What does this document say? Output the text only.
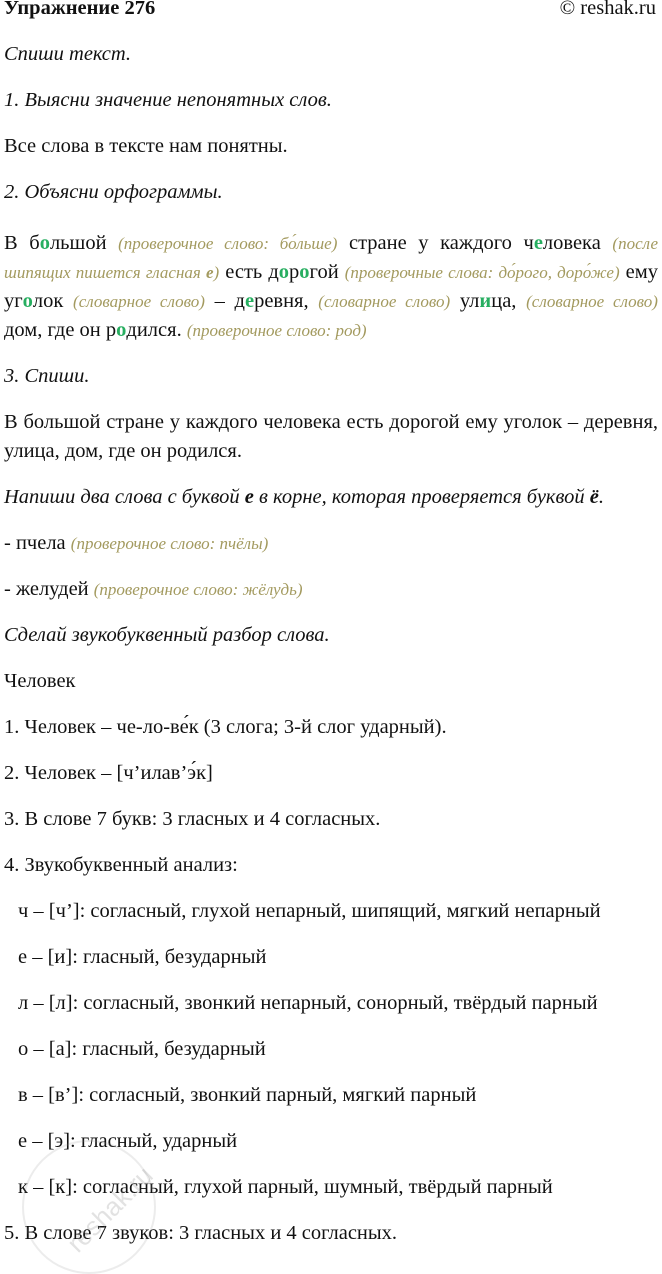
Упражнение 276	© reshak.ru

Спиши текст.

1. Выясни значение непонятных слов.

Все слова в тексте нам понятны.

2. Объясни орфограммы.

В большой (проверочное слово: бо́льше) стране у каждого человека (после шипящих пишется гласная е) есть дорогой (проверочные слова: до́рого, доро́же) ему уголок (словарное слово) – деревня, (словарное слово) улица, (словарное слово) дом, где он родился. (проверочное слово: род)

3. Спиши.

В большой стране у каждого человека есть дорогой ему уголок – деревня, улица, дом, где он родился.

Напиши два слова с буквой е в корне, которая проверяется буквой ё.

- пчела (проверочное слово: пчёлы)

- желудей (проверочное слово: жёлудь)

Сделай звукобуквенный разбор слова.

Человек

1. Человек – че-ло-ве́к (3 слога; 3-й слог ударный).

2. Человек – [ч’илав’э́к]

3. В слове 7 букв: 3 гласных и 4 согласных.

4. Звукобуквенный анализ:

ч – [ч’]: согласный, глухой непарный, шипящий, мягкий непарный

е – [и]: гласный, безударный

л – [л]: согласный, звонкий непарный, сонорный, твёрдый парный

о – [а]: гласный, безударный

в – [в’]: согласный, звонкий парный, мягкий парный

е – [э]: гласный, ударный

к – [к]: согласный, глухой парный, шумный, твёрдый парный

5. В слове 7 звуков: 3 гласных и 4 согласных.

reshak.ru
